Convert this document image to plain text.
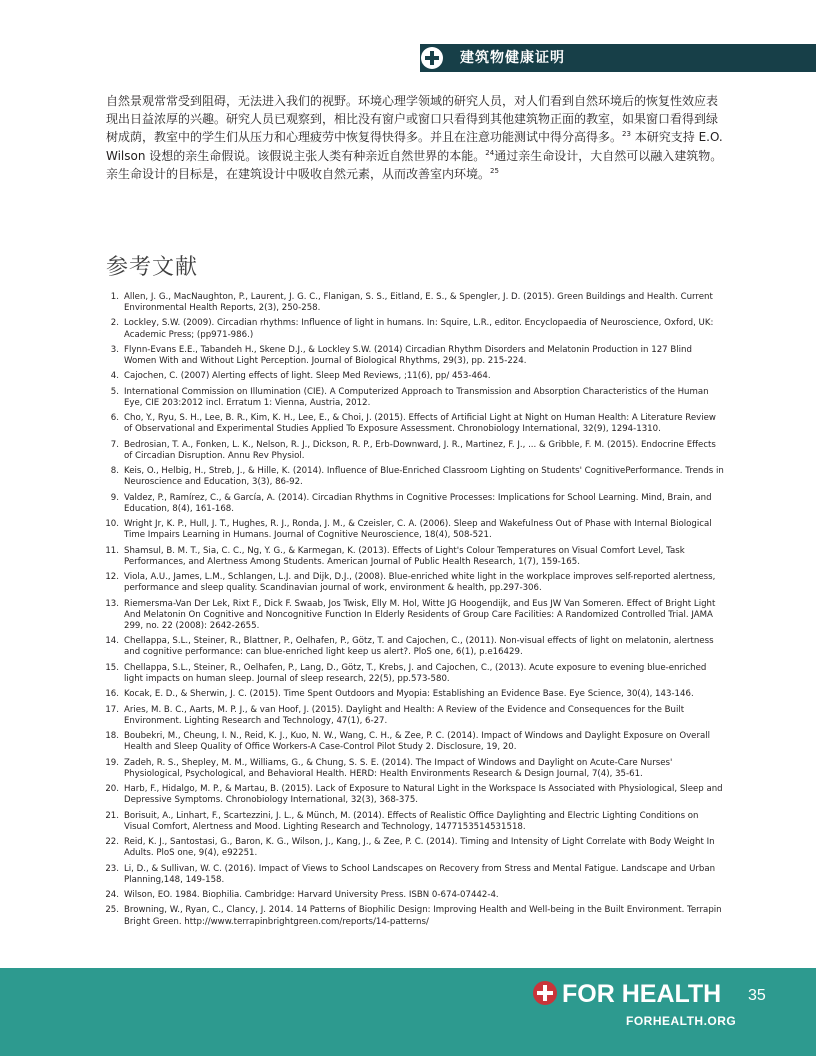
建筑物健康证明

自然景观常常受到阻碍，无法进入我们的视野。环境心理学领域的研究人员，对人们看到自然环境后的恢复性效应表现出日益浓厚的兴趣。研究人员已观察到，相比没有窗户或窗口只看得到其他建筑物正面的教室，如果窗口看得到绿树成荫，教室中的学生们从压力和心理疲劳中恢复得快得多。并且在注意功能测试中得分高得多。$^{23}$ 本研究支持 E.O. Wilson 设想的亲生命假说。该假说主张人类有种亲近自然世界的本能。$^{24}$通过亲生命设计，大自然可以融入建筑物。亲生命设计的目标是，在建筑设计中吸收自然元素，从而改善室内环境。$^{25}$

参考文献
1. Allen, J. G., MacNaughton, P., Laurent, J. G. C., Flanigan, S. S., Eitland, E. S., & Spengler, J. D. (2015). Green Buildings and Health. Current Environmental Health Reports, 2(3), 250-258.
2. Lockley, S.W. (2009). Circadian rhythms: Influence of light in humans. In: Squire, L.R., editor. Encyclopaedia of Neuroscience, Oxford, UK: Academic Press; (pp971-986.)
3. Flynn-Evans E.E., Tabandeh H., Skene D.J., & Lockley S.W. (2014) Circadian Rhythm Disorders and Melatonin Production in 127 Blind Women With and Without Light Perception. Journal of Biological Rhythms, 29(3), pp. 215-224.
4. Cajochen, C. (2007) Alerting effects of light. Sleep Med Reviews, ;11(6), pp/ 453-464.
5. International Commission on Illumination (CIE). A Computerized Approach to Transmission and Absorption Characteristics of the Human Eye, CIE 203:2012 incl. Erratum 1: Vienna, Austria, 2012.
6. Cho, Y., Ryu, S. H., Lee, B. R., Kim, K. H., Lee, E., & Choi, J. (2015). Effects of Artificial Light at Night on Human Health: A Literature Review of Observational and Experimental Studies Applied To Exposure Assessment. Chronobiology International, 32(9), 1294-1310.
7. Bedrosian, T. A., Fonken, L. K., Nelson, R. J., Dickson, R. P., Erb-Downward, J. R., Martinez, F. J., ... & Gribble, F. M. (2015). Endocrine Effects of Circadian Disruption. Annu Rev Physiol.
8. Keis, O., Helbig, H., Streb, J., & Hille, K. (2014). Influence of Blue-Enriched Classroom Lighting on Students' CognitivePerformance. Trends in Neuroscience and Education, 3(3), 86-92.
9. Valdez, P., Ramírez, C., & García, A. (2014). Circadian Rhythms in Cognitive Processes: Implications for School Learning. Mind, Brain, and Education, 8(4), 161-168.
10. Wright Jr, K. P., Hull, J. T., Hughes, R. J., Ronda, J. M., & Czeisler, C. A. (2006). Sleep and Wakefulness Out of Phase with Internal Biological Time Impairs Learning in Humans. Journal of Cognitive Neuroscience, 18(4), 508-521.
11. Shamsul, B. M. T., Sia, C. C., Ng, Y. G., & Karmegan, K. (2013). Effects of Light's Colour Temperatures on Visual Comfort Level, Task Performances, and Alertness Among Students. American Journal of Public Health Research, 1(7), 159-165.
12. Viola, A.U., James, L.M., Schlangen, L.J. and Dijk, D.J., (2008). Blue-enriched white light in the workplace improves self-reported alertness, performance and sleep quality. Scandinavian journal of work, environment & health, pp.297-306.
13. Riemersma-Van Der Lek, Rixt F., Dick F. Swaab, Jos Twisk, Elly M. Hol, Witte JG Hoogendijk, and Eus JW Van Someren. Effect of Bright Light And Melatonin On Cognitive and Noncognitive Function In Elderly Residents of Group Care Facilities: A Randomized Controlled Trial. JAMA 299, no. 22 (2008): 2642-2655.
14. Chellappa, S.L., Steiner, R., Blattner, P., Oelhafen, P., Götz, T. and Cajochen, C., (2011). Non-visual effects of light on melatonin, alertness and cognitive performance: can blue-enriched light keep us alert?. PloS one, 6(1), p.e16429.
15. Chellappa, S.L., Steiner, R., Oelhafen, P., Lang, D., Götz, T., Krebs, J. and Cajochen, C., (2013). Acute exposure to evening blue-enriched light impacts on human sleep. Journal of sleep research, 22(5), pp.573-580.
16. Kocak, E. D., & Sherwin, J. C. (2015). Time Spent Outdoors and Myopia: Establishing an Evidence Base. Eye Science, 30(4), 143-146.
17. Aries, M. B. C., Aarts, M. P. J., & van Hoof, J. (2015). Daylight and Health: A Review of the Evidence and Consequences for the Built Environment. Lighting Research and Technology, 47(1), 6-27.
18. Boubekri, M., Cheung, I. N., Reid, K. J., Kuo, N. W., Wang, C. H., & Zee, P. C. (2014). Impact of Windows and Daylight Exposure on Overall Health and Sleep Quality of Office Workers-A Case-Control Pilot Study 2. Disclosure, 19, 20.
19. Zadeh, R. S., Shepley, M. M., Williams, G., & Chung, S. S. E. (2014). The Impact of Windows and Daylight on Acute-Care Nurses' Physiological, Psychological, and Behavioral Health. HERD: Health Environments Research & Design Journal, 7(4), 35-61.
20. Harb, F., Hidalgo, M. P., & Martau, B. (2015). Lack of Exposure to Natural Light in the Workspace Is Associated with Physiological, Sleep and Depressive Symptoms. Chronobiology International, 32(3), 368-375.
21. Borisuit, A., Linhart, F., Scartezzini, J. L., & Münch, M. (2014). Effects of Realistic Office Daylighting and Electric Lighting Conditions on Visual Comfort, Alertness and Mood. Lighting Research and Technology, 1477153514531518.
22. Reid, K. J., Santostasi, G., Baron, K. G., Wilson, J., Kang, J., & Zee, P. C. (2014). Timing and Intensity of Light Correlate with Body Weight In Adults. PloS one, 9(4), e92251.
23. Li, D., & Sullivan, W. C. (2016). Impact of Views to School Landscapes on Recovery from Stress and Mental Fatigue. Landscape and Urban Planning,148, 149-158.
24. Wilson, EO. 1984. Biophilia. Cambridge: Harvard University Press. ISBN 0-674-07442-4.
25. Browning, W., Ryan, C., Clancy, J. 2014. 14 Patterns of Biophilic Design: Improving Health and Well-being in the Built Environment. Terrapin Bright Green. http://www.terrapinbrightgreen.com/reports/14-patterns/
FOR HEALTH 35
FORHEALTH.ORG
